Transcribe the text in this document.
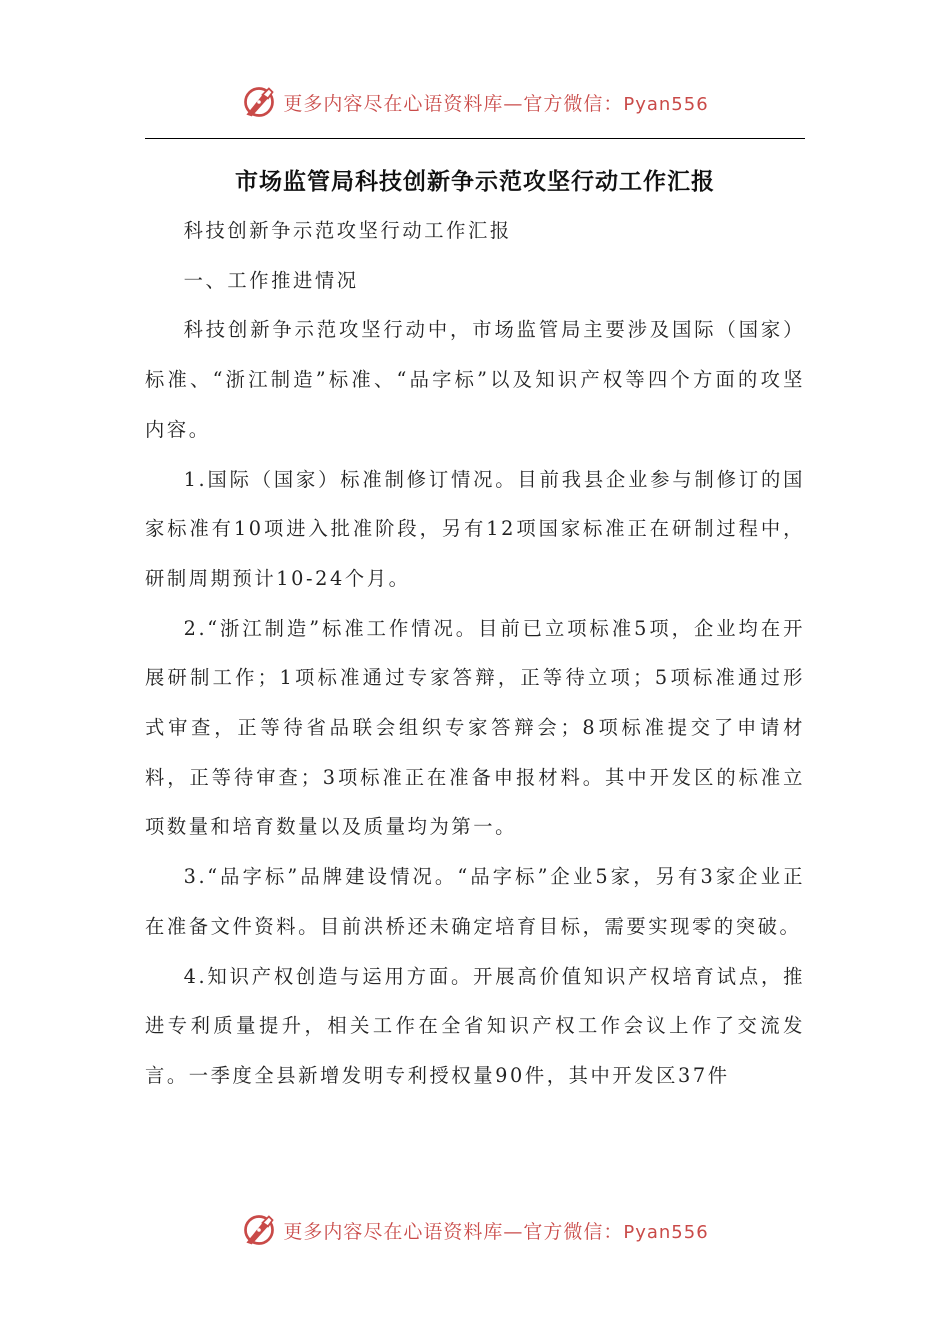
更多内容尽在心语资料库—官方微信：Pyan556
市场监管局科技创新争示范攻坚行动工作汇报

科技创新争示范攻坚行动工作汇报

一、工作推进情况

科技创新争示范攻坚行动中，市场监管局主要涉及国际（国家）标准、“浙江制造”标准、“品字标”以及知识产权等四个方面的攻坚内容。

1.国际（国家）标准制修订情况。目前我县企业参与制修订的国家标准有10项进入批准阶段，另有12项国家标准正在研制过程中，研制周期预计10-24个月。

2.“浙江制造”标准工作情况。目前已立项标准5项，企业均在开展研制工作；1项标准通过专家答辩，正等待立项；5项标准通过形式审查，正等待省品联会组织专家答辩会；8项标准提交了申请材料，正等待审查；3项标准正在准备申报材料。其中开发区的标准立项数量和培育数量以及质量均为第一。

3.“品字标”品牌建设情况。“品字标”企业5家，另有3家企业正在准备文件资料。目前洪桥还未确定培育目标，需要实现零的突破。

4.知识产权创造与运用方面。开展高价值知识产权培育试点，推进专利质量提升，相关工作在全省知识产权工作会议上作了交流发言。一季度全县新增发明专利授权量90件，其中开发区37件

更多内容尽在心语资料库—官方微信：Pyan556
